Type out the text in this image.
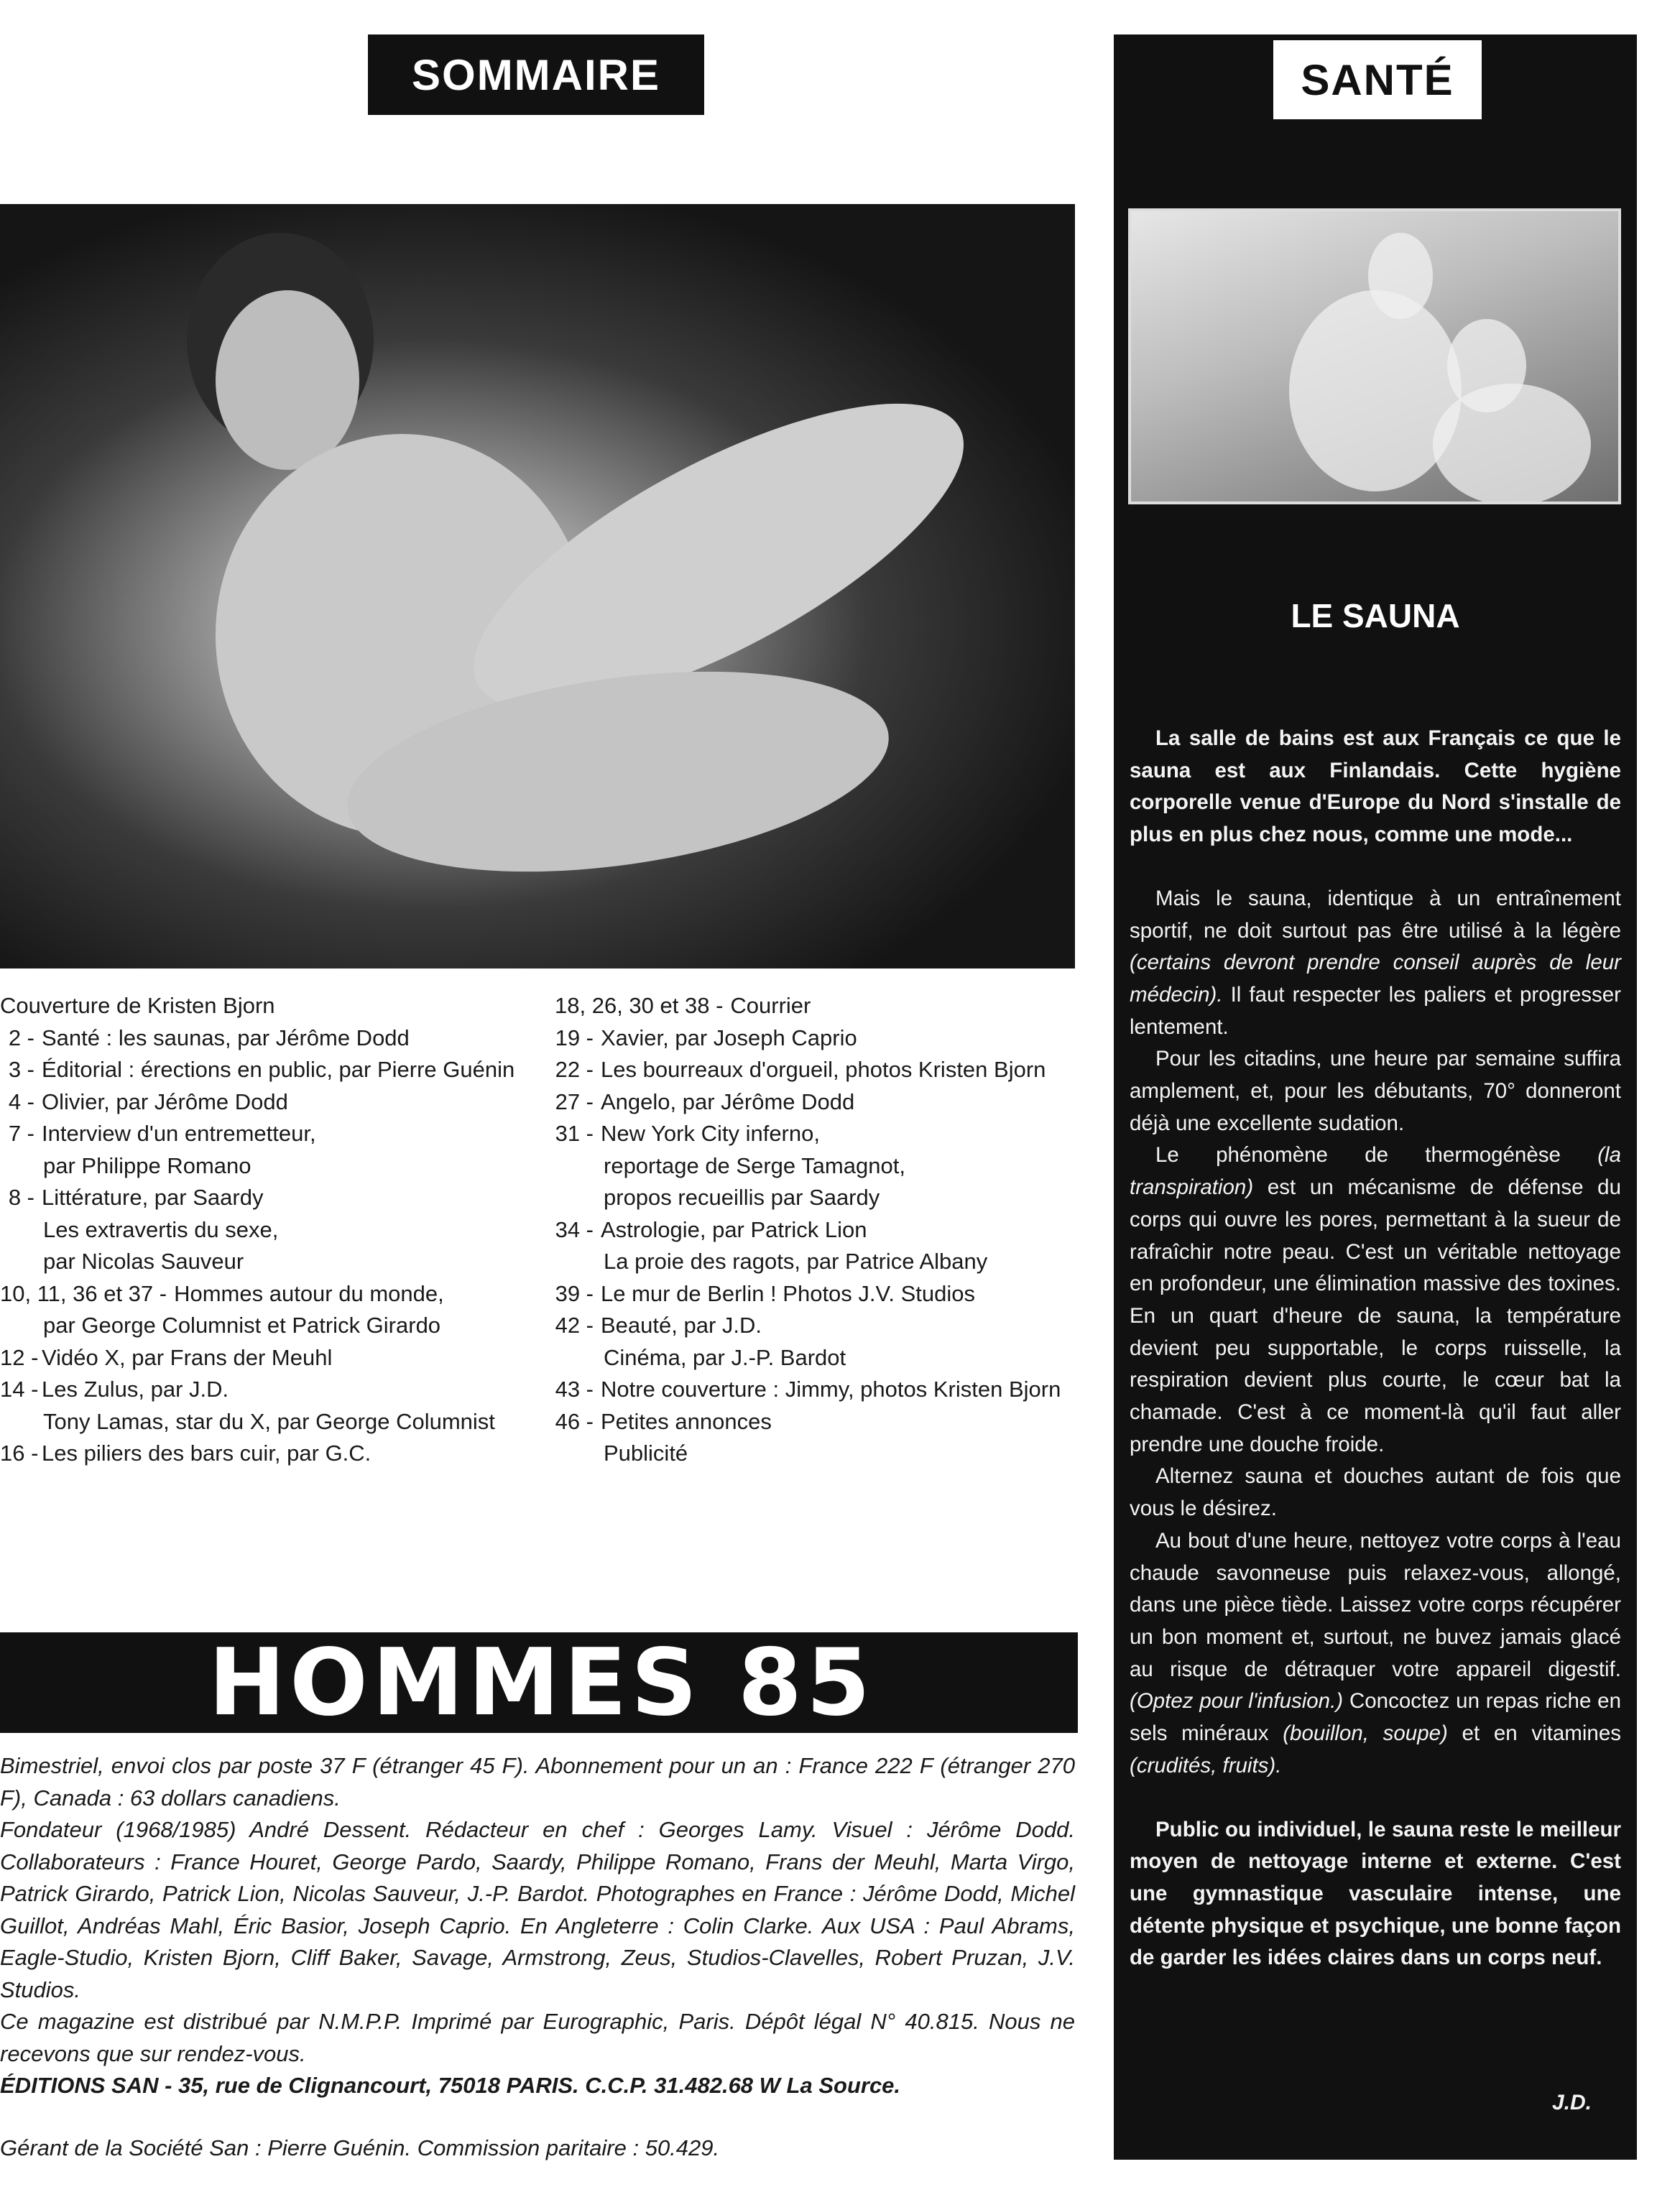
SOMMAIRE
Couverture de Kristen Bjorn
2 - Santé : les saunas, par Jérôme Dodd
3 - Éditorial : érections en public, par Pierre Guénin
4 - Olivier, par Jérôme Dodd
7 - Interview d'un entremetteur,
par Philippe Romano
8 - Littérature, par Saardy
Les extravertis du sexe,
par Nicolas Sauveur
10, 11, 36 et 37 - Hommes autour du monde,
par George Columnist et Patrick Girardo
12 - Vidéo X, par Frans der Meuhl
14 - Les Zulus, par J.D.
Tony Lamas, star du X, par George Columnist
16 - Les piliers des bars cuir, par G.C.
18, 26, 30 et 38 - Courrier
19 - Xavier, par Joseph Caprio
22 - Les bourreaux d'orgueil, photos Kristen Bjorn
27 - Angelo, par Jérôme Dodd
31 - New York City inferno,
reportage de Serge Tamagnot,
propos recueillis par Saardy
34 - Astrologie, par Patrick Lion
La proie des ragots, par Patrice Albany
39 - Le mur de Berlin ! Photos J.V. Studios
42 - Beauté, par J.D.
Cinéma, par J.-P. Bardot
43 - Notre couverture : Jimmy, photos Kristen Bjorn
46 - Petites annonces
Publicité
HOMMES 85

Bimestriel, envoi clos par poste 37 F (étranger 45 F). Abonnement pour un an : France 222 F (étranger 270 F), Canada : 63 dollars canadiens.

Fondateur (1968/1985) André Dessent. Rédacteur en chef : Georges Lamy. Visuel : Jérôme Dodd. Collaborateurs : France Houret, George Pardo, Saardy, Philippe Romano, Frans der Meuhl, Marta Virgo, Patrick Girardo, Patrick Lion, Nicolas Sauveur, J.-P. Bardot. Photographes en France : Jérôme Dodd, Michel Guillot, Andréas Mahl, Éric Basior, Joseph Caprio. En Angleterre : Colin Clarke. Aux USA : Paul Abrams, Eagle-Studio, Kristen Bjorn, Cliff Baker, Savage, Armstrong, Zeus, Studios-Clavelles, Robert Pruzan, J.V. Studios.

Ce magazine est distribué par N.M.P.P. Imprimé par Eurographic, Paris. Dépôt légal N° 40.815. Nous ne recevons que sur rendez-vous.

ÉDITIONS SAN - 35, rue de Clignancourt, 75018 PARIS. C.C.P. 31.482.68 W La Source.

Gérant de la Société San : Pierre Guénin. Commission paritaire : 50.429.
SANTÉ
LE SAUNA

La salle de bains est aux Français ce que le sauna est aux Finlandais. Cette hygiène corporelle venue d'Europe du Nord s'installe de plus en plus chez nous, comme une mode...

Mais le sauna, identique à un entraînement sportif, ne doit surtout pas être utilisé à la légère (certains devront prendre conseil auprès de leur médecin). Il faut respecter les paliers et progresser lentement.

Pour les citadins, une heure par semaine suffira amplement, et, pour les débutants, 70° donneront déjà une excellente sudation.

Le phénomène de thermogénèse (la transpiration) est un mécanisme de défense du corps qui ouvre les pores, permettant à la sueur de rafraîchir notre peau. C'est un véritable nettoyage en profondeur, une élimination massive des toxines. En un quart d'heure de sauna, la température devient peu supportable, le corps ruisselle, la respiration devient plus courte, le cœur bat la chamade. C'est à ce moment-là qu'il faut aller prendre une douche froide.

Alternez sauna et douches autant de fois que vous le désirez.

Au bout d'une heure, nettoyez votre corps à l'eau chaude savonneuse puis relaxez-vous, allongé, dans une pièce tiède. Laissez votre corps récupérer un bon moment et, surtout, ne buvez jamais glacé au risque de détraquer votre appareil digestif. (Optez pour l'infusion.) Concoctez un repas riche en sels minéraux (bouillon, soupe) et en vitamines (crudités, fruits).

Public ou individuel, le sauna reste le meilleur moyen de nettoyage interne et externe. C'est une gymnastique vasculaire intense, une détente physique et psychique, une bonne façon de garder les idées claires dans un corps neuf.

J.D.
